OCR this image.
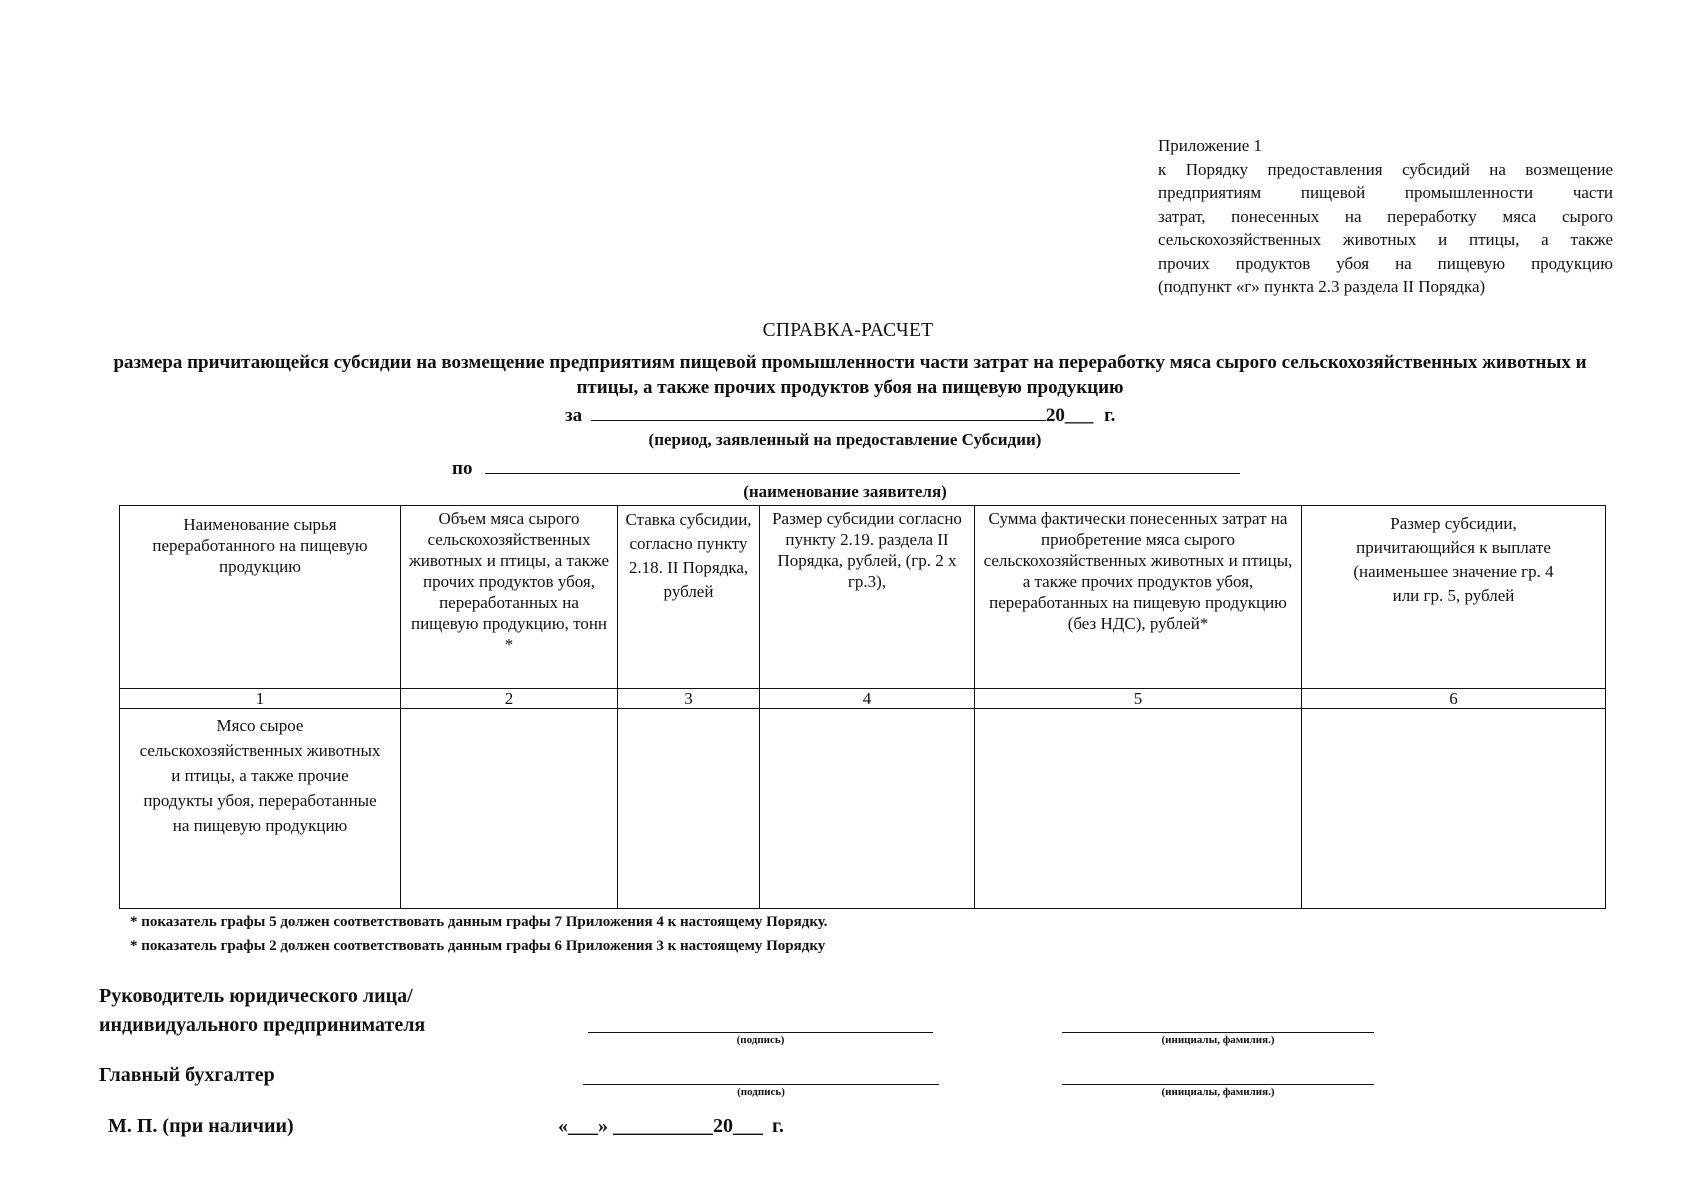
Приложение 1
к Порядку предоставления субсидий на возмещение
предприятиям пищевой промышленности части
затрат, понесенных на переработку мяса сырого
сельскохозяйственных животных и птицы, а также
прочих продуктов убоя на пищевую продукцию
(подпункт «г» пункта 2.3 раздела II Порядка)
СПРАВКА-РАСЧЕТ
размера причитающейся субсидии на возмещение предприятиям пищевой промышленности части затрат на переработку мяса сырого сельскохозяйственных животных и птицы, а также прочих продуктов убоя на пищевую продукцию
за	20___ г.
(период, заявленный на предоставление Субсидии)
по
(наименование заявителя)
Наименование сырья переработанного на пищевую продукцию	Объем мяса сырого сельскохозяйственных животных и птицы, а также прочих продуктов убоя, переработанных на пищевую продукцию, тонн *	Ставка субсидии, согласно пункту 2.18. II Порядка, рублей	Размер субсидии согласно пункту 2.19. раздела II Порядка, рублей, (гр. 2 х гр.3),	Сумма фактически понесенных затрат на приобретение мяса сырого сельскохозяйственных животных и птицы, а также прочих продуктов убоя, переработанных на пищевую продукцию (без НДС), рублей*	Размер субсидии, причитающийся к выплате (наименьшее значение гр. 4 или гр. 5, рублей
1	2	3	4	5	6
Мясо сырое сельскохозяйственных животных и птицы, а также прочие продукты убоя, переработанные на пищевую продукцию					
* показатель графы 5 должен соответствовать данным графы 7 Приложения 4 к настоящему Порядку.
* показатель графы 2 должен соответствовать данным графы 6 Приложения 3 к настоящему Порядку
Руководитель юридического лица/
индивидуального предпринимателя
(подпись)	(инициалы, фамилия.)
Главный бухгалтер
(подпись)	(инициалы, фамилия.)
М. П. (при наличии)	«___» __________20___ г.
